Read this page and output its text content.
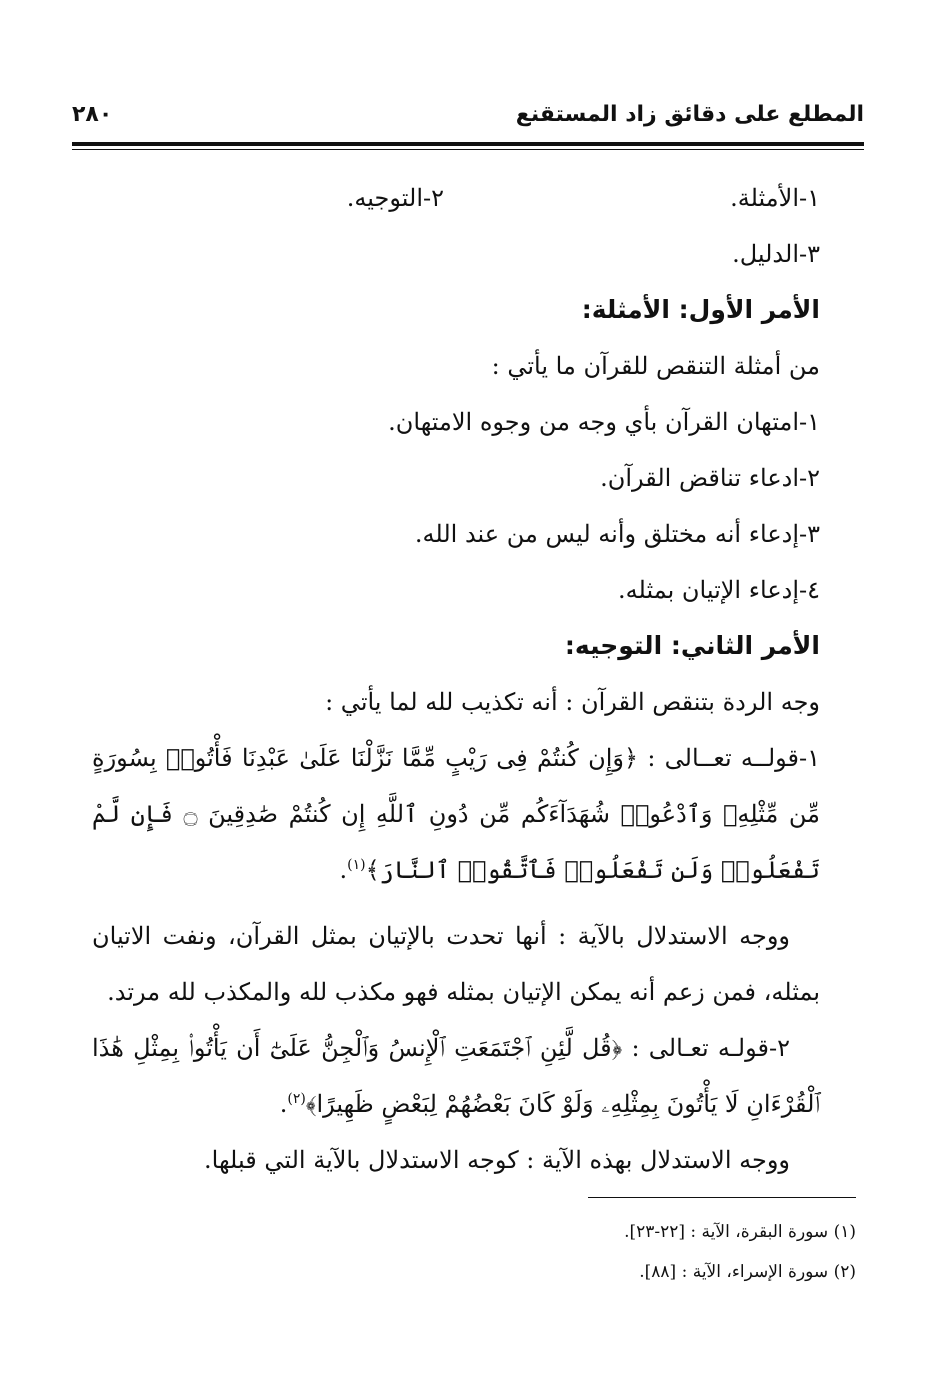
المطلع على دقائق زاد المستقنع
٢٨٠
١-الأمثلة.
٢-التوجيه.
٣-الدليل.
الأمر الأول: الأمثلة:
من أمثلة التنقص للقرآن ما يأتي :
١-امتهان القرآن بأي وجه من وجوه الامتهان.
٢-ادعاء تناقض القرآن.
٣-إدعاء أنه مختلق وأنه ليس من عند الله.
٤-إدعاء الإتيان بمثله.
الأمر الثاني: التوجيه:
وجه الردة بتنقص القرآن : أنه تكذيب لله لما يأتي :

١-قولــه تعــالى : ﴿وَإِن كُنتُمْ فِى رَيْبٍ مِّمَّا نَزَّلْنَا عَلَىٰ عَبْدِنَا فَأْتُوا۟ بِسُورَةٍ مِّن مِّثْلِهِۦ وَٱدْعُوا۟ شُهَدَآءَكُم مِّن دُونِ ٱللَّهِ إِن كُنتُمْ صَٰدِقِينَ ۝ فَإِن لَّمْ تَفْعَلُوا۟ وَلَن تَفْعَلُوا۟ فَٱتَّقُوا۟ ٱلنَّارَ﴾$^{(١)}$.

ووجه الاستدلال بالآية : أنها تحدت بالإتيان بمثل القرآن، ونفت الاتيان بمثله، فمن زعم أنه يمكن الإتيان بمثله فهو مكذب لله والمكذب لله مرتد.

٢-قولـه تعـالى : ﴿قُل لَّئِنِ ٱجْتَمَعَتِ ٱلْإِنسُ وَٱلْجِنُّ عَلَىٰٓ أَن يَأْتُوا۟ بِمِثْلِ هَٰذَا ٱلْقُرْءَانِ لَا يَأْتُونَ بِمِثْلِهِۦ وَلَوْ كَانَ بَعْضُهُمْ لِبَعْضٍ ظَهِيرًا﴾$^{(٢)}$.

ووجه الاستدلال بهذه الآية : كوجه الاستدلال بالآية التي قبلها.

(١) سورة البقرة، الآية : [٢٢-٢٣].
(٢) سورة الإسراء، الآية : [٨٨].
